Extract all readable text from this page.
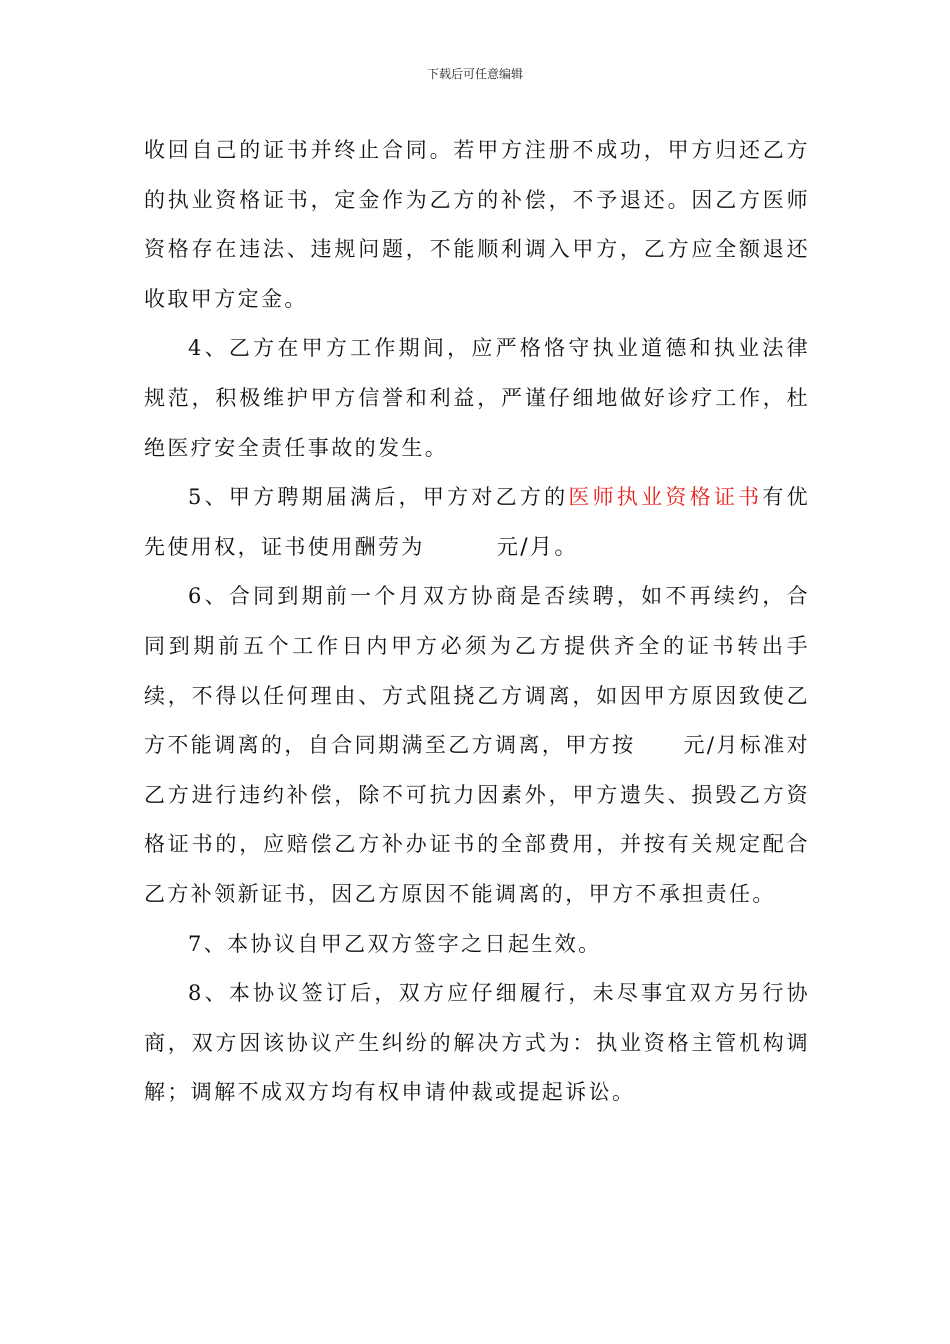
下载后可任意编辑

收回自己的证书并终止合同。若甲方注册不成功，甲方归还乙方的执业资格证书，定金作为乙方的补偿，不予退还。因乙方医师资格存在违法、违规问题，不能顺利调入甲方，乙方应全额退还收取甲方定金。

4、乙方在甲方工作期间，应严格恪守执业道德和执业法律规范，积极维护甲方信誉和利益，严谨仔细地做好诊疗工作，杜绝医疗安全责任事故的发生。

5、甲方聘期届满后，甲方对乙方的医师执业资格证书有优先使用权，证书使用酬劳为	元/月。

6、合同到期前一个月双方协商是否续聘，如不再续约，合同到期前五个工作日内甲方必须为乙方提供齐全的证书转出手续，不得以任何理由、方式阻挠乙方调离，如因甲方原因致使乙方不能调离的，自合同期满至乙方调离，甲方按 元/月标准对乙方进行违约补偿，除不可抗力因素外，甲方遗失、损毁乙方资格证书的，应赔偿乙方补办证书的全部费用，并按有关规定配合乙方补领新证书，因乙方原因不能调离的，甲方不承担责任。

7、本协议自甲乙双方签字之日起生效。

8、本协议签订后，双方应仔细履行，未尽事宜双方另行协商，双方因该协议产生纠纷的解决方式为：执业资格主管机构调解；调解不成双方均有权申请仲裁或提起诉讼。
